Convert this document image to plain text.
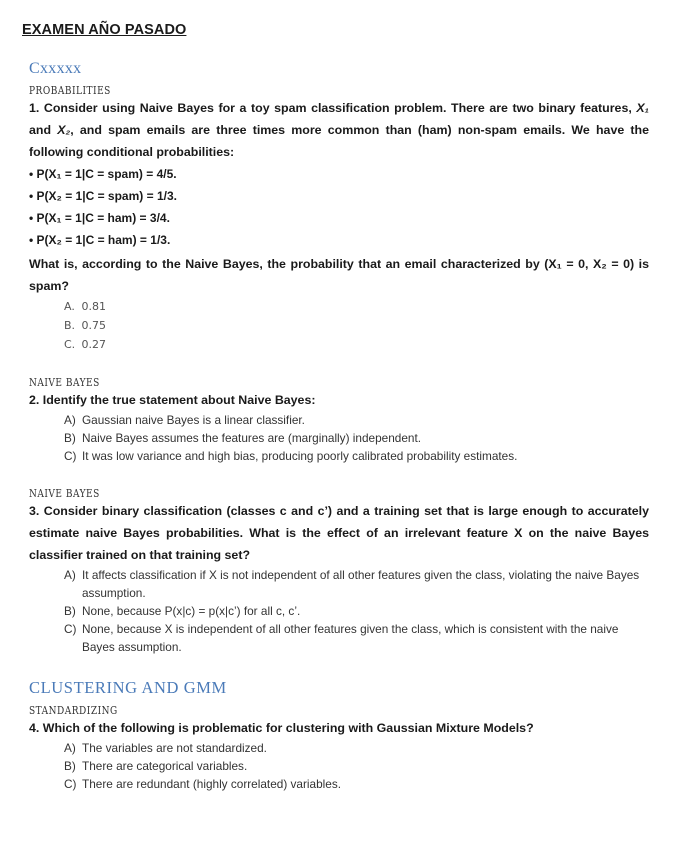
EXAMEN AÑO PASADO
Cxxxxx
PROBABILITIES
1. Consider using Naive Bayes for a toy spam classification problem. There are two binary features, X₁ and X₂, and spam emails are three times more common than (ham) non-spam emails. We have the following conditional probabilities:
• P(X₁ = 1|C = spam) = 4/5.
• P(X₂ = 1|C = spam) = 1/3.
• P(X₁ = 1|C = ham) = 3/4.
• P(X₂ = 1|C = ham) = 1/3.
What is, according to the Naive Bayes, the probability that an email characterized by (X₁ = 0, X₂ = 0) is spam?
A. 0.81
B. 0.75
C. 0.27
NAIVE BAYES
2. Identify the true statement about Naive Bayes:
A) Gaussian naive Bayes is a linear classifier.
B) Naive Bayes assumes the features are (marginally) independent.
C) It was low variance and high bias, producing poorly calibrated probability estimates.
NAIVE BAYES
3. Consider binary classification (classes c and c’) and a training set that is large enough to accurately estimate naive Bayes probabilities. What is the effect of an irrelevant feature X on the naive Bayes classifier trained on that training set?
A) It affects classification if X is not independent of all other features given the class, violating the naive Bayes assumption.
B) None, because P(x|c) = p(x|c’) for all c, c’.
C) None, because X is independent of all other features given the class, which is consistent with the naive Bayes assumption.
CLUSTERING AND GMM
STANDARDIZING
4. Which of the following is problematic for clustering with Gaussian Mixture Models?
A) The variables are not standardized.
B) There are categorical variables.
C) There are redundant (highly correlated) variables.
